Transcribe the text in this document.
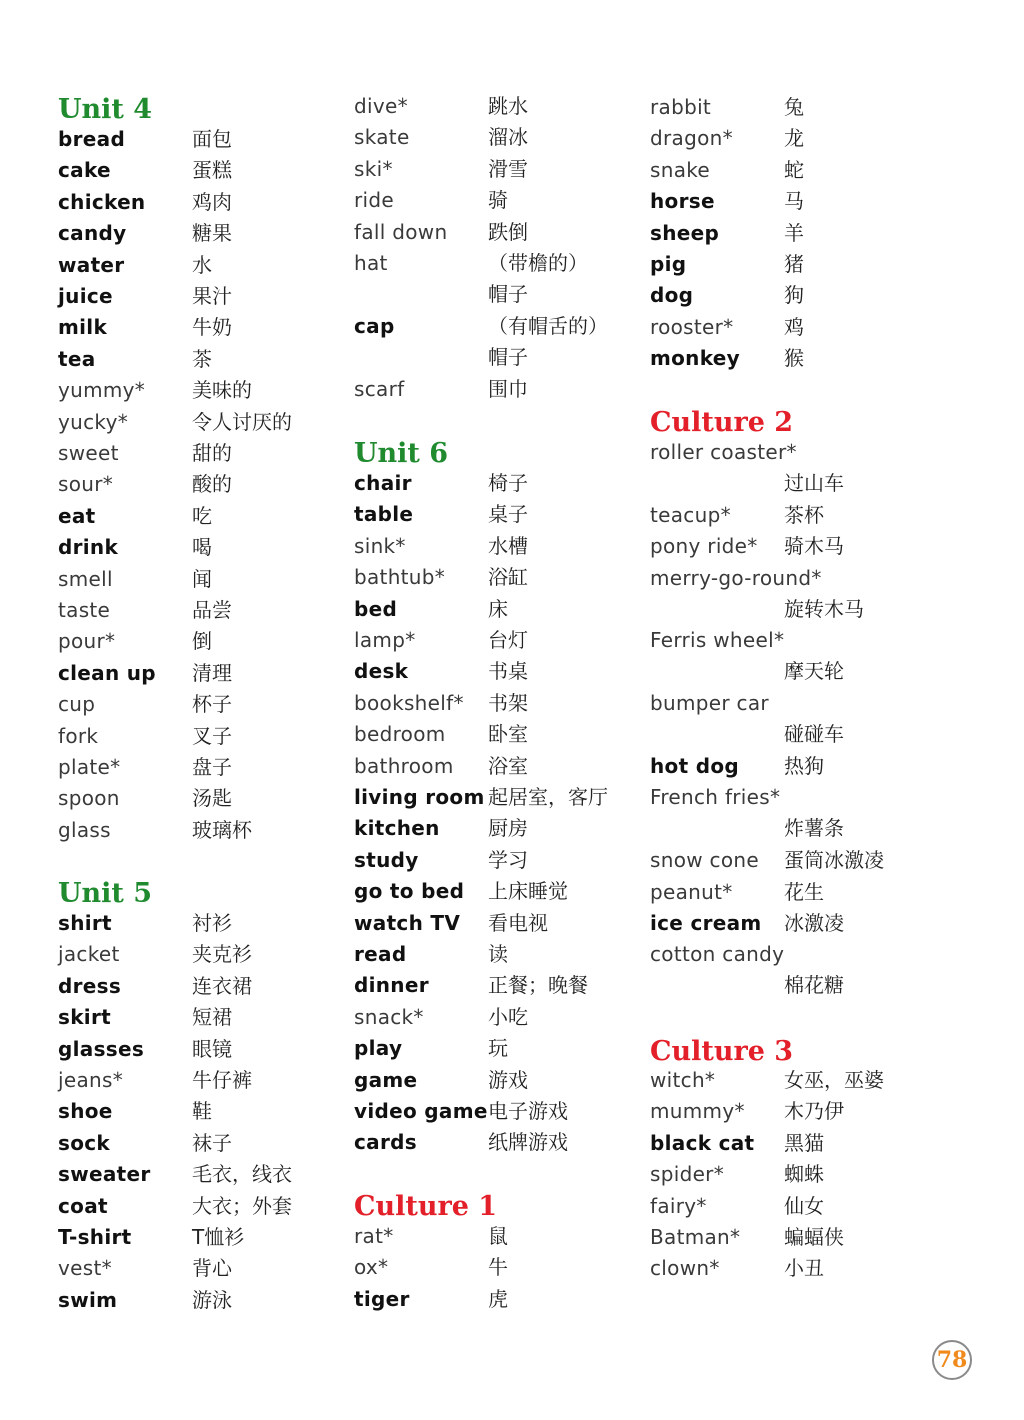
Unit 4
bread	面包
cake	蛋糕
chicken 鸡肉
candy	糖果
water	水
juice	果汁
milk	牛奶
tea	茶
yummy* 美味的
yucky*	令人讨厌的
sweet	甜的
sour*	酸的
eat	吃
drink	喝
smell	闻
taste	品尝
pour*	倒
clean up 清理
cup	杯子
fork	叉子
plate*	盘子
spoon	汤匙
glass	玻璃杯
Unit 5
shirt	衬衫
jacket	夹克衫
dress	连衣裙
skirt	短裙
glasses 眼镜
jeans*	牛仔裤
shoe	鞋
sock	袜子
sweater 毛衣，线衣
coat	大衣；外套
T-shirt	T恤衫
vest*	背心
swim	游泳
dive*	跳水
skate	溜冰
ski*	滑雪
ride	骑
fall down 跌倒
hat	（带檐的）
帽子
cap	（有帽舌的）
帽子
scarf	围巾
Unit 6
chair	椅子
table	桌子
sink*	水槽
bathtub* 浴缸
bed	床
lamp*	台灯
desk	书桌
bookshelf* 书架
bedroom 卧室
bathroom 浴室
living room 起居室，客厅
kitchen 厨房
study	学习
go to bed 上床睡觉
watch TV 看电视
read	读
dinner	正餐；晚餐
snack*	小吃
play	玩
game	游戏
video game 电子游戏
cards	纸牌游戏
Culture 1
rat*	鼠
ox*	牛
tiger	虎
rabbit	兔
dragon*	龙
snake	蛇
horse	马
sheep	羊
pig	猪
dog	狗
rooster*	鸡
monkey 猴
Culture 2
roller coaster*
过山车
teacup*	茶杯
pony ride* 骑木马
merry-go-round*
旋转木马
Ferris wheel*
摩天轮
bumper car
碰碰车
hot dog 热狗
French fries*
炸薯条
snow cone 蛋筒冰激凌
peanut*	花生
ice cream 冰激凌
cotton candy
棉花糖
Culture 3
witch*	女巫，巫婆
mummy* 木乃伊
black cat 黑猫
spider*	蜘蛛
fairy*	仙女
Batman* 蝙蝠侠
clown*	小丑
78
